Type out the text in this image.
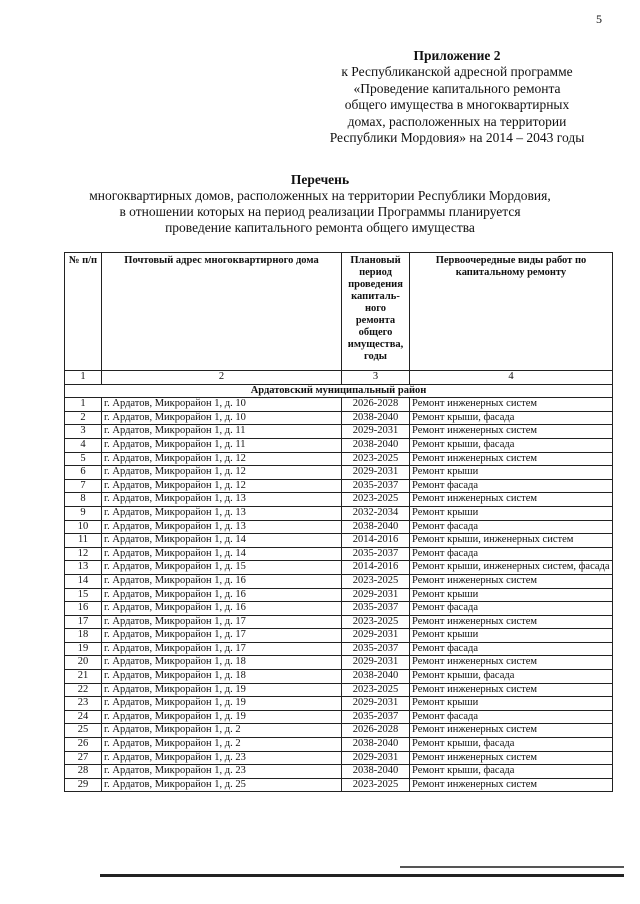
5
Приложение 2
к Республиканской адресной программе
«Проведение капитального ремонта
общего имущества в многоквартирных
домах, расположенных на территории
Республики Мордовия» на 2014 – 2043 годы
Перечень
многоквартирных домов, расположенных на территории Республики Мордовия,
в отношении которых на период реализации Программы планируется
проведение капитального ремонта общего имущества
№ п/п	Почтовый адрес многоквартирного дома	Плановый период проведения капиталь-ного ремонта общего имущества, годы	Первоочередные виды работ по капитальному ремонту
1	2	3	4
Ардатовский муниципальный район			
1	г. Ардатов, Микрорайон 1, д. 10	2026-2028	Ремонт инженерных систем
2	г. Ардатов, Микрорайон 1, д. 10	2038-2040	Ремонт крыши, фасада
3	г. Ардатов, Микрорайон 1, д. 11	2029-2031	Ремонт инженерных систем
4	г. Ардатов, Микрорайон 1, д. 11	2038-2040	Ремонт крыши, фасада
5	г. Ардатов, Микрорайон 1, д. 12	2023-2025	Ремонт инженерных систем
6	г. Ардатов, Микрорайон 1, д. 12	2029-2031	Ремонт крыши
7	г. Ардатов, Микрорайон 1, д. 12	2035-2037	Ремонт фасада
8	г. Ардатов, Микрорайон 1, д. 13	2023-2025	Ремонт инженерных систем
9	г. Ардатов, Микрорайон 1, д. 13	2032-2034	Ремонт крыши
10	г. Ардатов, Микрорайон 1, д. 13	2038-2040	Ремонт фасада
11	г. Ардатов, Микрорайон 1, д. 14	2014-2016	Ремонт крыши, инженерных систем
12	г. Ардатов, Микрорайон 1, д. 14	2035-2037	Ремонт фасада
13	г. Ардатов, Микрорайон 1, д. 15	2014-2016	Ремонт крыши, инженерных систем, фасада
14	г. Ардатов, Микрорайон 1, д. 16	2023-2025	Ремонт инженерных систем
15	г. Ардатов, Микрорайон 1, д. 16	2029-2031	Ремонт крыши
16	г. Ардатов, Микрорайон 1, д. 16	2035-2037	Ремонт фасада
17	г. Ардатов, Микрорайон 1, д. 17	2023-2025	Ремонт инженерных систем
18	г. Ардатов, Микрорайон 1, д. 17	2029-2031	Ремонт крыши
19	г. Ардатов, Микрорайон 1, д. 17	2035-2037	Ремонт фасада
20	г. Ардатов, Микрорайон 1, д. 18	2029-2031	Ремонт инженерных систем
21	г. Ардатов, Микрорайон 1, д. 18	2038-2040	Ремонт крыши, фасада
22	г. Ардатов, Микрорайон 1, д. 19	2023-2025	Ремонт инженерных систем
23	г. Ардатов, Микрорайон 1, д. 19	2029-2031	Ремонт крыши
24	г. Ардатов, Микрорайон 1, д. 19	2035-2037	Ремонт фасада
25	г. Ардатов, Микрорайон 1, д. 2	2026-2028	Ремонт инженерных систем
26	г. Ардатов, Микрорайон 1, д. 2	2038-2040	Ремонт крыши, фасада
27	г. Ардатов, Микрорайон 1, д. 23	2029-2031	Ремонт инженерных систем
28	г. Ардатов, Микрорайон 1, д. 23	2038-2040	Ремонт крыши, фасада
29	г. Ардатов, Микрорайон 1, д. 25	2023-2025	Ремонт инженерных систем
